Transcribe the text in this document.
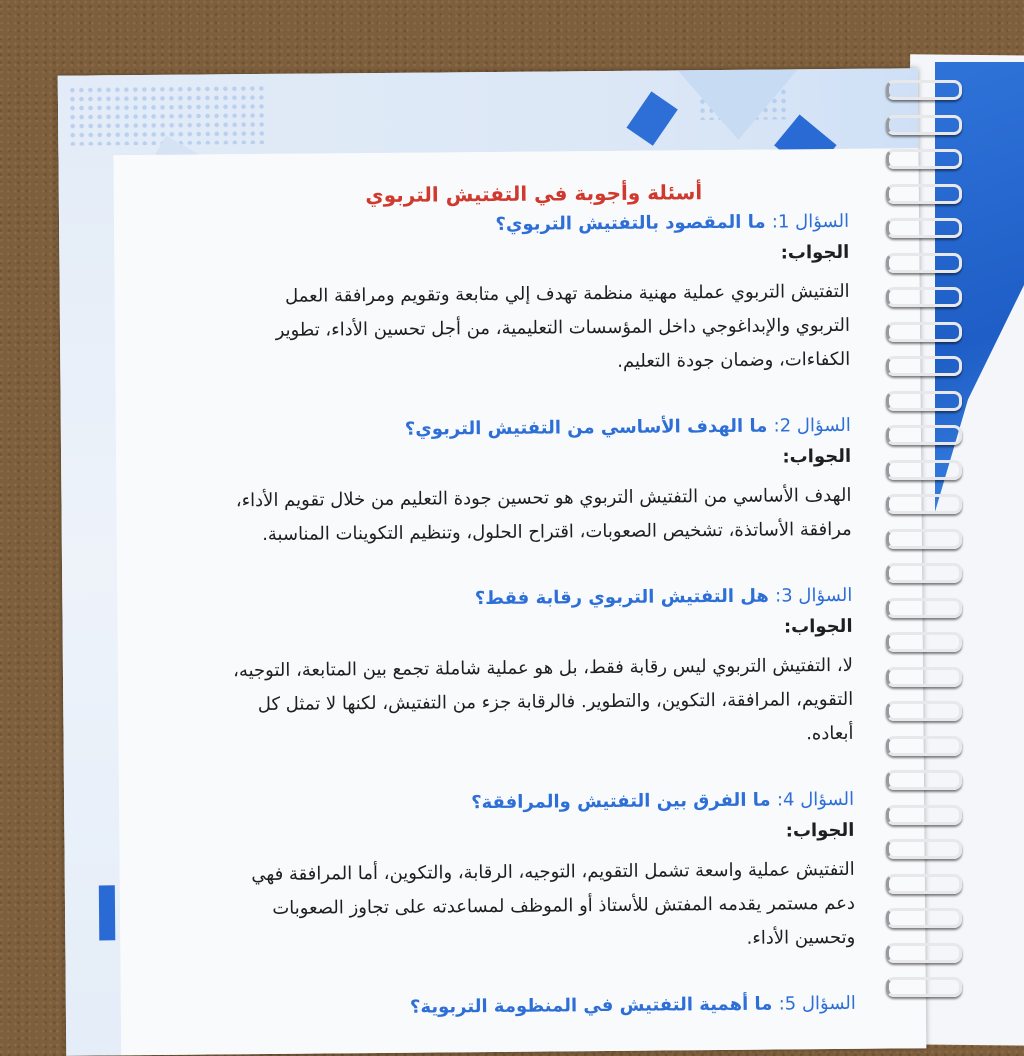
أسئلة وأجوبة في التفتيش التربوي

السؤال 1: ما المقصود بالتفتيش التربوي؟

الجواب:

التفتيش التربوي عملية مهنية منظمة تهدف إلي متابعة وتقويم ومرافقة العمل
التربوي والإبداغوجي داخل المؤسسات التعليمية، من أجل تحسين الأداء، تطوير
الكفاءات، وضمان جودة التعليم.

السؤال 2: ما الهدف الأساسي من التفتيش التربوي؟

الجواب:

الهدف الأساسي من التفتيش التربوي هو تحسين جودة التعليم من خلال تقويم الأداء،
مرافقة الأساتذة، تشخيص الصعوبات، اقتراح الحلول، وتنظيم التكوينات المناسبة.

السؤال 3: هل التفتيش التربوي رقابة فقط؟

الجواب:

لا، التفتيش التربوي ليس رقابة فقط، بل هو عملية شاملة تجمع بين المتابعة، التوجيه،
التقويم، المرافقة، التكوين، والتطوير. فالرقابة جزء من التفتيش، لكنها لا تمثل كل
أبعاده.

السؤال 4: ما الفرق بين التفتيش والمرافقة؟

الجواب:

التفتيش عملية واسعة تشمل التقويم، التوجيه، الرقابة، والتكوين، أما المرافقة فهي
دعم مستمر يقدمه المفتش للأستاذ أو الموظف لمساعدته على تجاوز الصعوبات
وتحسين الأداء.

السؤال 5: ما أهمية التفتيش في المنظومة التربوية؟
